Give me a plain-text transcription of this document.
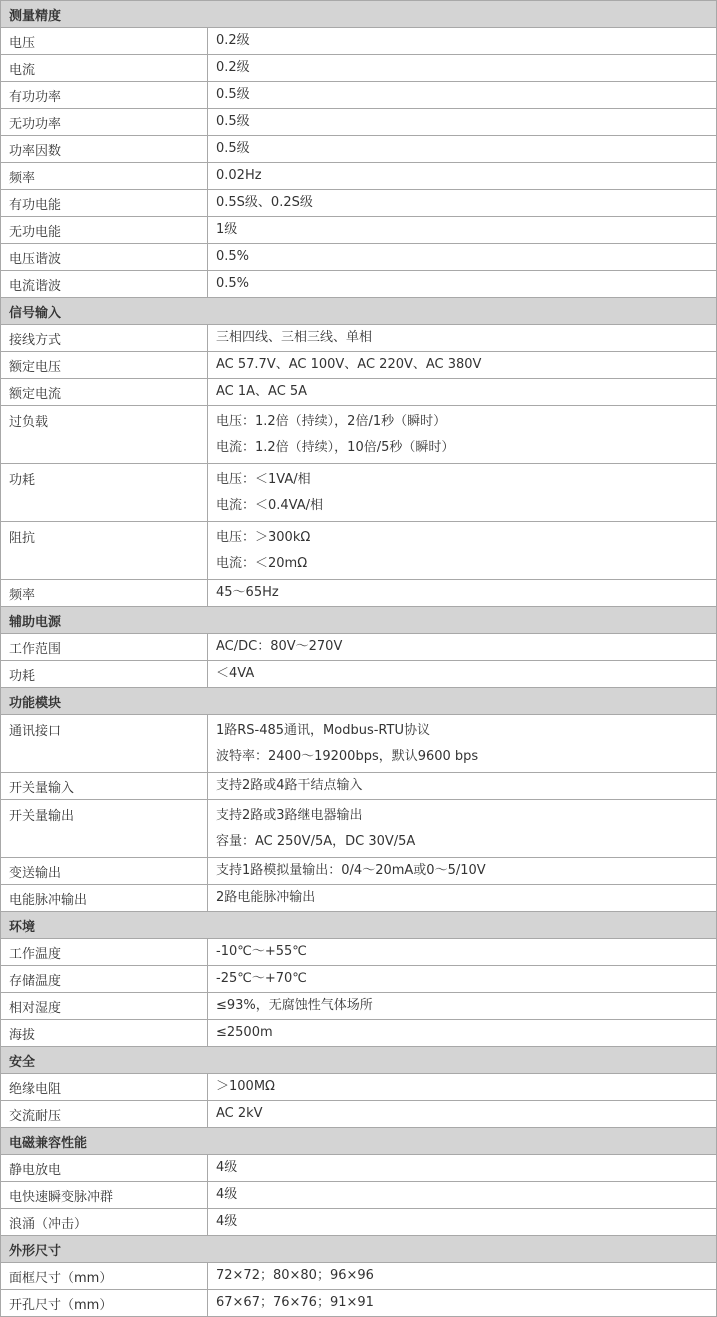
测量精度	
电压	0.2级

电流	0.2级

有功功率	0.5级

无功功率	0.5级

功率因数	0.5级

频率	0.02Hz

有功电能	0.5S级、0.2S级

无功电能	1级

电压谐波	0.5%

电流谐波	0.5%

信号输入	
接线方式	三相四线、三相三线、单相

额定电压	AC 57.7V、AC 100V、AC 220V、AC 380V

额定电流	AC 1A、AC 5A

过负载	电压：1.2倍（持续），2倍/1秒（瞬时）
电流：1.2倍（持续），10倍/5秒（瞬时）

功耗	电压：＜1VA/相
电流：＜0.4VA/相

阻抗	电压：＞300kΩ
电流：＜20mΩ

频率	45～65Hz

辅助电源	
工作范围	AC/DC：80V～270V

功耗	＜4VA

功能模块	
通讯接口	1路RS-485通讯，Modbus-RTU协议
波特率：2400～19200bps，默认9600 bps

开关量输入	支持2路或4路干结点输入

开关量输出	支持2路或3路继电器输出
容量：AC 250V/5A，DC 30V/5A

变送输出	支持1路模拟量输出：0/4～20mA或0～5/10V

电能脉冲输出	2路电能脉冲输出

环境	
工作温度	-10℃～+55℃

存储温度	-25℃～+70℃

相对湿度	≤93%，无腐蚀性气体场所

海拔	≤2500m

安全	
绝缘电阻	＞100MΩ

交流耐压	AC 2kV

电磁兼容性能	
静电放电	4级

电快速瞬变脉冲群	4级

浪涌（冲击）	4级

外形尺寸	
面框尺寸（mm）	72×72；80×80；96×96

开孔尺寸（mm）	67×67；76×76；91×91
